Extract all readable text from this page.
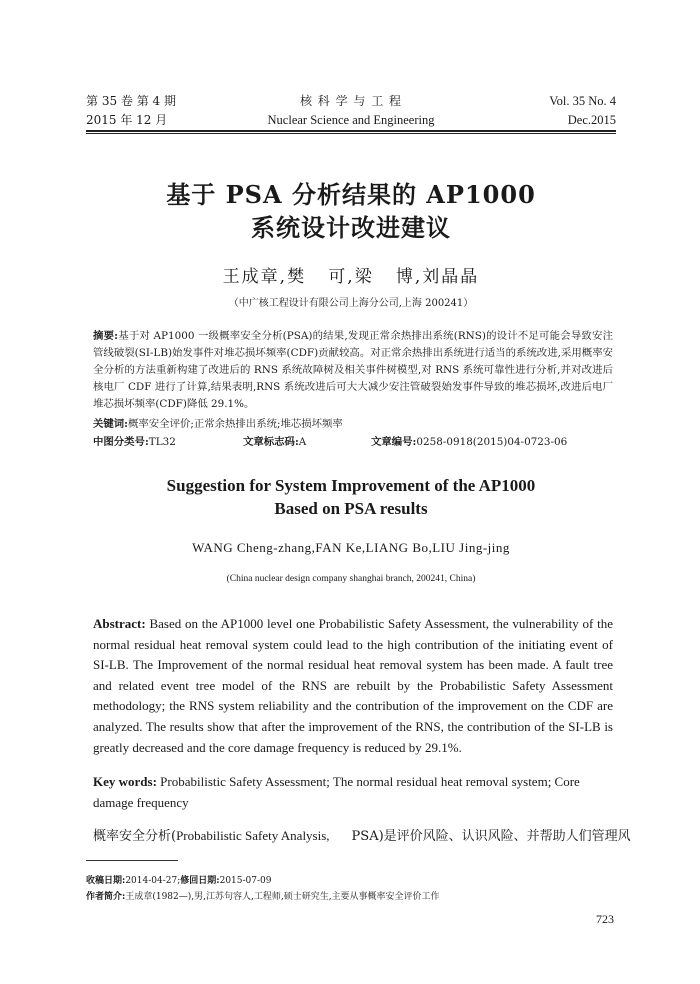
第 35 卷 第 4 期
2015 年 12 月
核 科 学 与 工 程
Nuclear Science and Engineering
Vol. 35 No. 4
Dec.2015
基于 PSA 分析结果的 AP1000
系统设计改进建议
王成章,樊   可,梁   博,刘晶晶
（中广核工程设计有限公司上海分公司,上海 200241）
摘要:基于对 AP1000 一级概率安全分析(PSA)的结果,发现正常余热排出系统(RNS)的设计不足可能会导致安注管线破裂(SI-LB)始发事件对堆芯损坏频率(CDF)贡献较高。对正常余热排出系统进行适当的系统改进,采用概率安全分析的方法重新构建了改进后的 RNS 系统故障树及相关事件树模型,对 RNS 系统可靠性进行分析,并对改进后核电厂 CDF 进行了计算,结果表明,RNS 系统改进后可大大减少安注管破裂始发事件导致的堆芯损坏,改进后电厂堆芯损坏频率(CDF)降低 29.1%。
关键词:概率安全评价;正常余热排出系统;堆芯损坏频率
中图分类号:TL32	文章标志码:A	文章编号:0258-0918(2015)04-0723-06
Suggestion for System Improvement of the AP1000
Based on PSA results
WANG Cheng-zhang,FAN Ke,LIANG Bo,LIU Jing-jing
(China nuclear design company shanghai branch, 200241, China)
Abstract: Based on the AP1000 level one Probabilistic Safety Assessment, the vulnerability of the normal residual heat removal system could lead to the high contribution of the initiating event of SI-LB. The Improvement of the normal residual heat removal system has been made. A fault tree and related event tree model of the RNS are rebuilt by the Probabilistic Safety Assessment methodology; the RNS system reliability and the contribution of the improvement on the CDF are analyzed. The results show that after the improvement of the RNS, the contribution of the SI-LB is greatly decreased and the core damage frequency is reduced by 29.1%.
Key words: Probabilistic Safety Assessment; The normal residual heat removal system; Core damage frequency
概率安全分析(Probabilistic Safety Analysis, PSA)是评价风险、认识风险、并帮助人们管理风
收稿日期:2014-04-27;修回日期:2015-07-09
作者简介:王成章(1982—),男,江苏句容人,工程师,硕士研究生,主要从事概率安全评价工作
723
